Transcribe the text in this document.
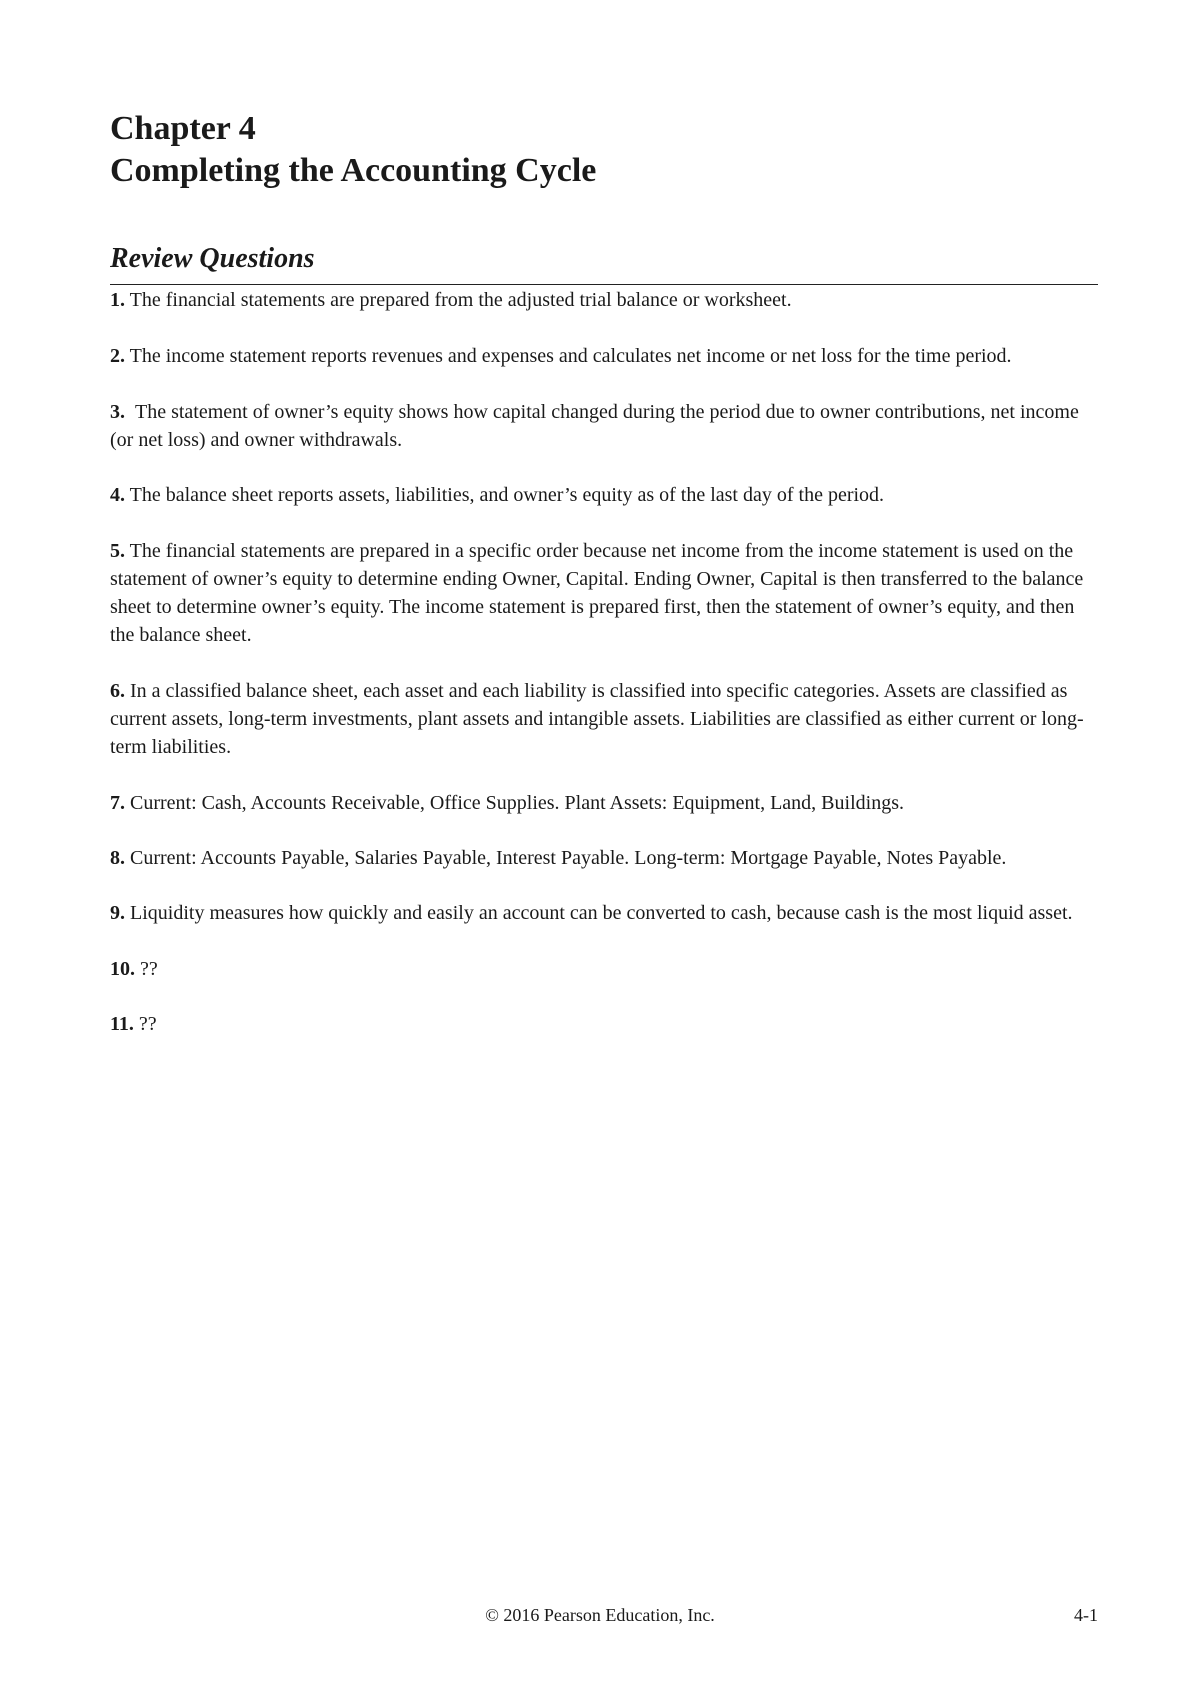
Chapter 4
Completing the Accounting Cycle
Review Questions
1. The financial statements are prepared from the adjusted trial balance or worksheet.
2. The income statement reports revenues and expenses and calculates net income or net loss for the time period.
3. The statement of owner’s equity shows how capital changed during the period due to owner contributions, net income (or net loss) and owner withdrawals.
4. The balance sheet reports assets, liabilities, and owner’s equity as of the last day of the period.
5. The financial statements are prepared in a specific order because net income from the income statement is used on the statement of owner’s equity to determine ending Owner, Capital. Ending Owner, Capital is then transferred to the balance sheet to determine owner’s equity. The income statement is prepared first, then the statement of owner’s equity, and then the balance sheet.
6. In a classified balance sheet, each asset and each liability is classified into specific categories. Assets are classified as current assets, long-term investments, plant assets and intangible assets. Liabilities are classified as either current or long-term liabilities.
7. Current: Cash, Accounts Receivable, Office Supplies. Plant Assets: Equipment, Land, Buildings.
8. Current: Accounts Payable, Salaries Payable, Interest Payable. Long-term: Mortgage Payable, Notes Payable.
9. Liquidity measures how quickly and easily an account can be converted to cash, because cash is the most liquid asset.
10. ??
11. ??
© 2016 Pearson Education, Inc.	4-1
